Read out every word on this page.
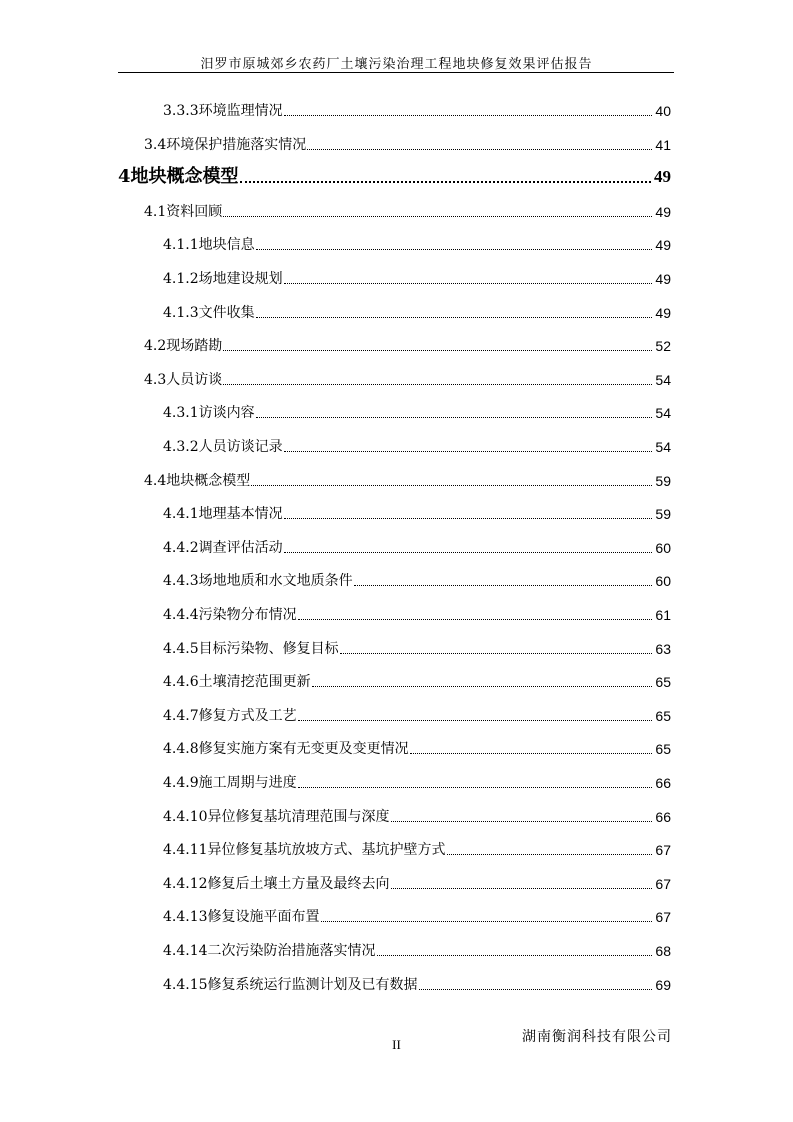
汨罗市原城郊乡农药厂土壤污染治理工程地块修复效果评估报告
3.3.3环境监理情况	40
3.4环境保护措施落实情况	41
4地块概念模型	49
4.1资料回顾	49
4.1.1地块信息	49
4.1.2场地建设规划	49
4.1.3文件收集	49
4.2现场踏勘	52
4.3人员访谈	54
4.3.1访谈内容	54
4.3.2人员访谈记录	54
4.4地块概念模型	59
4.4.1地理基本情况	59
4.4.2调查评估活动	60
4.4.3场地地质和水文地质条件	60
4.4.4污染物分布情况	61
4.4.5目标污染物、修复目标	63
4.4.6土壤清挖范围更新	65
4.4.7修复方式及工艺	65
4.4.8修复实施方案有无变更及变更情况	65
4.4.9施工周期与进度	66
4.4.10异位修复基坑清理范围与深度	66
4.4.11异位修复基坑放坡方式、基坑护壁方式	67
4.4.12修复后土壤土方量及最终去向	67
4.4.13修复设施平面布置	67
4.4.14二次污染防治措施落实情况	68
4.4.15修复系统运行监测计划及已有数据	69
II	湖南衡润科技有限公司
